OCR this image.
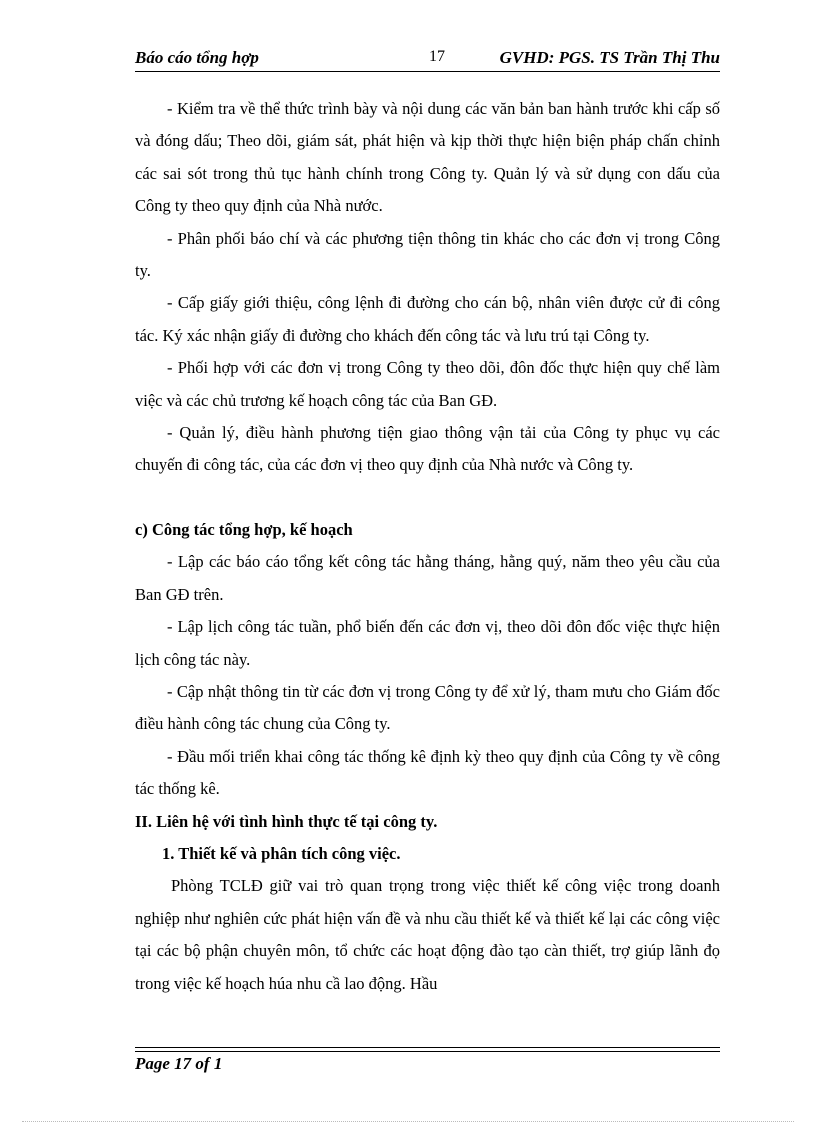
Báo cáo tổng hợp	17	GVHD: PGS. TS Trần Thị Thu

- Kiểm tra về thể thức trình bày và nội dung các văn bản ban hành trước khi cấp số và đóng dấu; Theo dõi, giám sát, phát hiện và kịp thời thực hiện biện pháp chấn chỉnh các sai sót trong thủ tục hành chính trong Công ty. Quản lý và sử dụng con dấu của Công ty theo quy định của Nhà nước.

- Phân phối báo chí và các phương tiện thông tin khác cho các đơn vị trong Công ty.

- Cấp giấy giới thiệu, công lệnh đi đường cho cán bộ, nhân viên được cử đi công tác. Ký xác nhận giấy đi đường cho khách đến công tác và lưu trú tại Công ty.

- Phối hợp với các đơn vị trong Công ty theo dõi, đôn đốc thực hiện quy chế làm việc và các chủ trương kế hoạch công tác của Ban GĐ.

- Quản lý, điều hành phương tiện giao thông vận tải của Công ty phục vụ các chuyến đi công tác, của các đơn vị theo quy định của Nhà nước và Công ty.

c) Công tác tổng hợp, kế hoạch

- Lập các báo cáo tổng kết công tác hằng tháng, hằng quý, năm theo yêu cầu của Ban GĐ trên.

- Lập lịch công tác tuần, phổ biến đến các đơn vị, theo dõi đôn đốc việc thực hiện lịch công tác này.

- Cập nhật thông tin từ các đơn vị trong Công ty để xử lý, tham mưu cho Giám đốc điều hành công tác chung của Công ty.

- Đầu mối triển khai công tác thống kê định kỳ theo quy định của Công ty về công tác thống kê.

II. Liên hệ với tình hình thực tế tại công ty.

1. Thiết kế và phân tích công việc.

Phòng TCLĐ giữ vai trò quan trọng trong việc thiết kế công việc trong doanh nghiệp như nghiên cức phát hiện vấn đề và nhu cầu thiết kế và thiết kế lại các công việc tại các bộ phận chuyên môn, tổ chức các hoạt động đào tạo càn thiết, trợ giúp lãnh đọ trong việc kế hoạch húa nhu cầ lao động. Hầu

Page 17 of 1
